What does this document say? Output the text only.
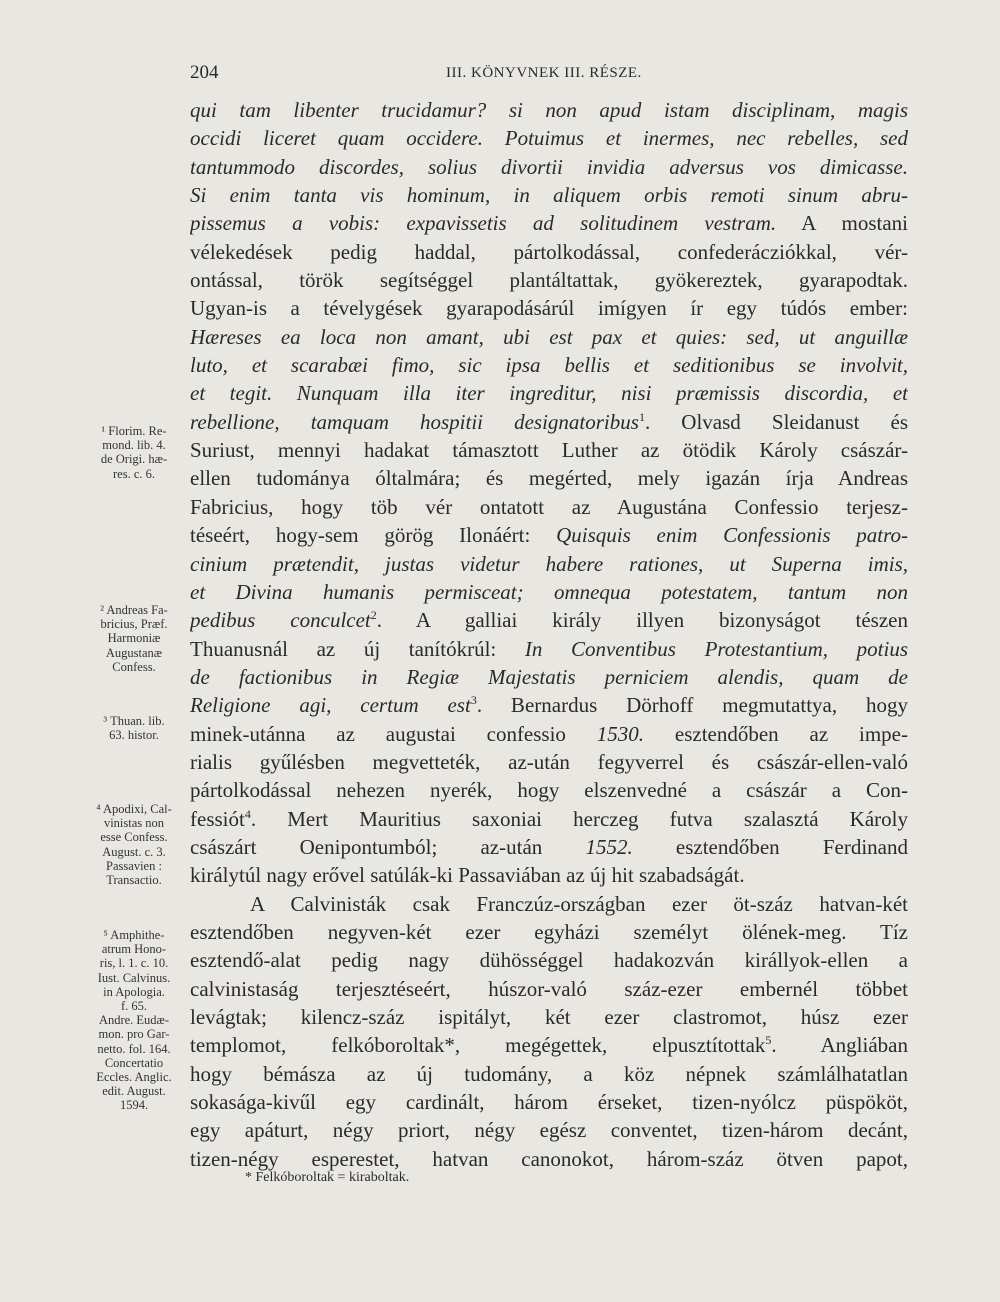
204	III. KÖNYVNEK III. RÉSZE.
qui tam libenter trucidamur? si non apud istam disciplinam, magis
occidi liceret quam occidere. Potuimus et inermes, nec rebelles, sed
tantummodo discordes, solius divortii invidia adversus vos dimicasse.
Si enim tanta vis hominum, in aliquem orbis remoti sinum abru-
pissemus a vobis: expavissetis ad solitudinem vestram. A mostani
vélekedések pedig haddal, pártolkodással, confederácziókkal, vér-
ontással, török segítséggel plantáltattak, gyökereztek, gyarapodtak.
Ugyan-is a tévelygések gyarapodásárúl imígyen ír egy túdós ember:
Hæreses ea loca non amant, ubi est pax et quies: sed, ut anguillæ
luto, et scarabæi fimo, sic ipsa bellis et seditionibus se involvit,
et tegit. Nunquam illa iter ingreditur, nisi præmissis discordia, et
rebellione, tamquam hospitii designatoribus$^1$. Olvasd Sleidanust és
Suriust, mennyi hadakat támasztott Luther az ötödik Károly császár-
ellen tudománya óltalmára; és megérted, mely igazán írja Andreas
Fabricius, hogy töb vér ontatott az Augustána Confessio terjesz-
téseért, hogy-sem görög Ilonáért: Quisquis enim Confessionis patro-
cinium prætendit, justas videtur habere rationes, ut Superna imis,
et Divina humanis permisceat; omnequa potestatem, tantum non
pedibus conculcet$^2$. A galliai király illyen bizonyságot tészen
Thuanusnál az új tanítókrúl: In Conventibus Protestantium, potius
de factionibus in Regiæ Majestatis perniciem alendis, quam de
Religione agi, certum est$^3$. Bernardus Dörhoff megmutattya, hogy
minek-utánna az augustai confessio 1530. esztendőben az impe-
rialis gyűlésben megvetteték, az-után fegyverrel és császár-ellen-való
pártolkodással nehezen nyerék, hogy elszenvedné a császár a Con-
fessiót$^4$. Mert Mauritius saxoniai herczeg futva szalasztá Károly
császárt Oenipontumból; az-után 1552. esztendőben Ferdinand
királytúl nagy erővel satúlák-ki Passaviában az új hit szabadságát.
A Calvinisták csak Franczúz-országban ezer öt-száz hatvan-két
esztendőben negyven-két ezer egyházi személyt ölének-meg. Tíz
esztendő-alat pedig nagy dühösséggel hadakozván királlyok-ellen a
calvinistaság terjesztéseért, húszor-való száz-ezer embernél többet
levágtak; kilencz-száz ispitályt, két ezer clastromot, húsz ezer
templomot, felkóboroltak*, megégettek, elpusztítottak$^5$. Angliában
hogy bémásza az új tudomány, a köz népnek számlálhatatlan
sokasága-kivűl egy cardinált, három érseket, tizen-nyólcz püspököt,
egy apáturt, négy priort, négy egész conventet, tizen-három decánt,
tizen-négy esperestet, hatvan canonokot, három-száz ötven papot,
¹ Florim. Re-
mond. lib. 4.
de Origi. hæ-
res. c. 6.
² Andreas Fa-
bricius, Præf.
Harmoniæ
Augustanæ
Confess.
³ Thuan. lib.
63. histor.
⁴ Apodixi, Cal-
vinistas non
esse Confess.
August. c. 3.
Passavien :
Transactio.
⁵ Amphithe-
atrum Hono-
ris, l. 1. c. 10.
Iust. Calvinus.
in Apologia.
f. 65.
Andre. Eudæ-
mon. pro Gar-
netto. fol. 164.
Concertatio
Eccles. Anglic.
edit. August.
1594.
* Felkóboroltak = kiraboltak.
